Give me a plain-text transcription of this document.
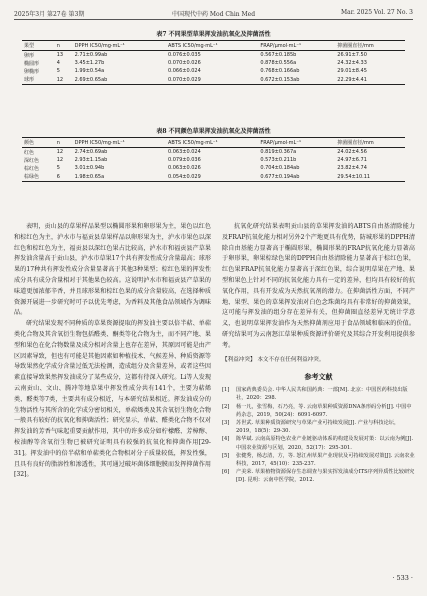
2025年3月 第27卷 第3期	中国现代中药 Mod Chin Med	Mar. 2025 Vol. 27 No. 3
表7 不同果型草果挥发油抗氧化及抑菌活性
果型	n	DPPH IC50/mg·mL⁻¹	ABTS IC50/mg·mL⁻¹	FRAP/μmol·mL⁻¹	抑菌圈直径/mm
卵形	13	2.71±0.99ab	0.076±0.035	0.567±0.185b	26.91±7.50
椭圆形	4	3.45±1.27b	0.070±0.026	0.878±0.556a	24.32±4.33
卵椭形	5	1.99±0.54a	0.066±0.024	0.768±0.166ab	29.01±8.45
球形	12	2.69±0.65ab	0.070±0.029	0.672±0.153ab	22.29±4.41
表8 不同颜色草果挥发油抗氧化及抑菌活性
颜色	n	DPPH IC50/mg·mL⁻¹	ABTS IC50/mg·mL⁻¹	FRAP/μmol·mL⁻¹	抑菌圈直径/mm
红色	12	2.74±0.69ab	0.063±0.024	0.819±0.367a	24.02±4.56
深红色	12	2.93±1.15ab	0.079±0.036	0.573±0.211b	24.97±6.71
棕红色	5	3.01±0.94b	0.063±0.026	0.704±0.184ab	23.82±4.74
棕绿色	6	1.98±0.65a	0.054±0.029	0.677±0.194ab	29.54±10.11

表明，贡山县的草果样品果型以椭圆形果和卵形果为主，果色以红色和棕红色为主，泸水市与福贡县草果样品以卵形果为主，泸水市果色以深红色和棕红色为主，福贡县以深红色果占比较高，泸水市和福贡县产草果挥发油含量高于贡山县，泸水市草果17个共有挥发性成分含量最高；球形果的17种共有挥发性成分含量显著高于其他3种果型；棕红色果的挥发性成分具有成分含量相对于其他果色较高。这说明泸水市和福贡县产草果的味道更加浓郁辛香，并且球形果和棕红色果的成分含量较高，在选择种质资源开展进一步研究时可予以优先考虑，为香料及其他食品领域作为调味品。

研究结果发现不同种质的草果资源提取的挥发油主要以倍半萜、单萜类化合物及其含氧衍生物包括醛类、酮类等化合物为主，而不同产地、果型和果色在化合物数量及成分相对含量上也存在差异，其原因可能是由产区因素导致，但也有可能是其他因素如种植技术、气候差异、种质资源等导致果然化学成分含量过低无法检测，造成组分及含量差异，或者这些因素直接导致果然挥发油成分了某些成分，这都有待深入研究。Li等人发现云南贡山、文山、腾冲等地草果中挥发性成分共有141个，主要为萜烯类、醛类等7类，主要共有成分相近，与本研究结果相近。挥发油成分的生物活性与其所含的化学成分密切相关，单萜烯类及其含氧衍生物化合物一般具有较好的抗氧化和抑菌活性；研究显示，单萜、醛类化合物不仅对挥发油的芳香气味起重要贡献作用，其中的许多成分如柠檬醛、芳樟醇、桉油醇等含氧衍生物已被研究证明具有较强的抗氧化和抑菌作用[29-31]。挥发油中的倍半萜和单萜类化合物相对分子质量较低，挥发性强，且具有良好的脂溶性和渗透性，其可通过破坏菌体细胞膜而发挥抑菌作用[32]。

抗氧化研究结果表明贡山县的草果挥发油的ABTS自由基清除能力及FRAP抗氧化能力相对另外2个产地更具有优势，防城形果的DPPH清除自由基能力显著高于椭圆形果，椭圆形果的FRAP抗氧化能力显著高于卵形果，卵果棕绿色果的DPPH自由基清除能力显著高于棕红色果，红色果FRAP抗氧化能力显著高于深红色果，综合说明草果在产地、果型和果色上针对不同的抗氧化能力具有一定的差异，但均具有较好的抗氧化作用，具有开发成为天然抗氧剂的潜力。在抑菌活性方面，不同产地、果型、果色的草果挥发油对白色念珠菌均具有非常好的抑菌效果，这可能与挥发油的组分存在差异有关，但抑菌圈直径差异无统计学意义，也说明草果挥发油作为天然抑菌剂应用于食品领域和临床的价值。研究结果可为云南怒江草果种质资源评价研究及其综合开发利用提供参考。

【利益冲突】 本文不存在任何利益冲突。

参考文献
[1]	国家药典委员会. 中华人民共和国药典：一部[M]. 北京：中国医药科技出版社，2020：298.
[2]	杨一凡，张雪梅，石乃亮，等. 云南草果种质资源DNA条形码分析[J]. 中国中药杂志，2019，50(24)：6091-6097.
[3]	苏世武. 草果种质资源研究与草果产业可持续发展[J]. 产业与科技论坛，2019，18(5)：29-30.
[4]	陈华斌. 云南高原特色农业产业链驱动体系的构建及发展对策：以云南为例[J]. 中国农业资源与区划，2020，52(17)：295-301.
[5]	张健秀，杨志清，方，等. 怒江州草果产业现状及可持续发展对策[J]. 云南农业科技，2017，45(10)：235-237.
[6]	产美荣. 草果植物资源保存生态调查与果实挥发油成分ITS序列异质性比较研究[D]. 昆明：云南中医学院，2012.
· 533 ·
